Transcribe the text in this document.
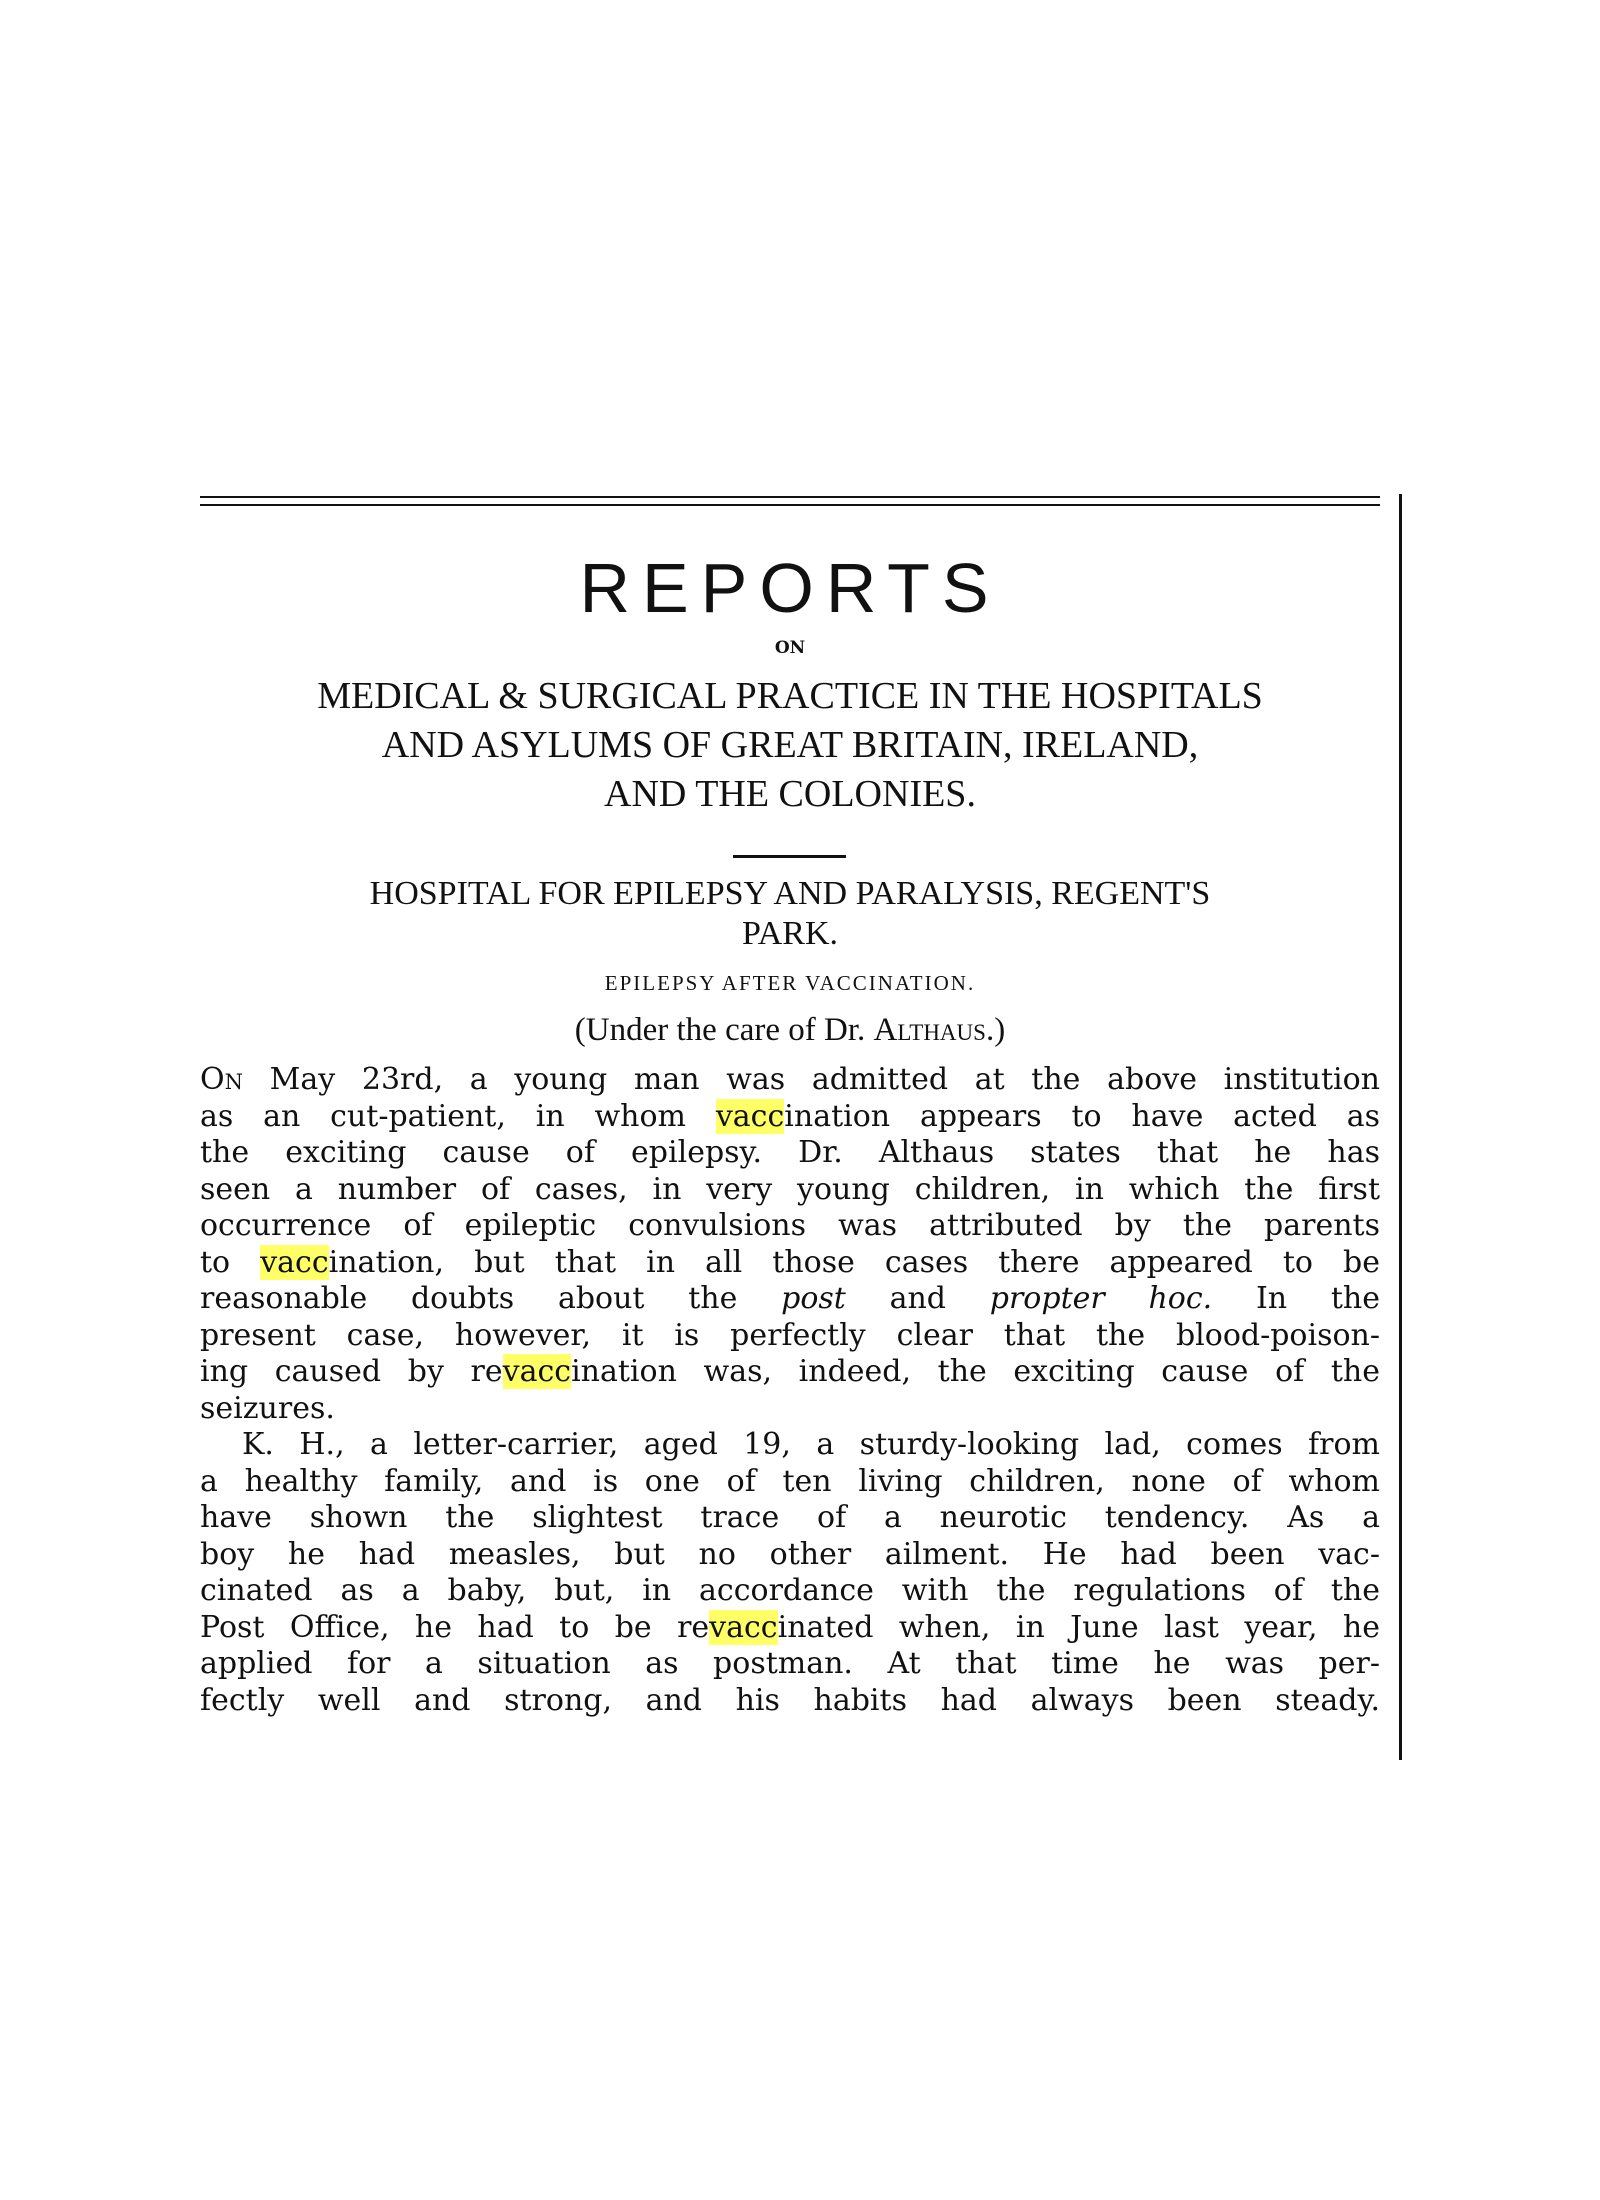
REPORTS
ON
MEDICAL & SURGICAL PRACTICE IN THE HOSPITALS
AND ASYLUMS OF GREAT BRITAIN, IRELAND,
AND THE COLONIES.
HOSPITAL FOR EPILEPSY AND PARALYSIS, REGENT'S
PARK.
EPILEPSY AFTER VACCINATION.
(Under the care of Dr. Althaus.)
On May 23rd, a young man was admitted at the above institution
as an cut-patient, in whom vaccination appears to have acted as
the exciting cause of epilepsy. Dr. Althaus states that he has
seen a number of cases, in very young children, in which the first
occurrence of epileptic convulsions was attributed by the parents
to vaccination, but that in all those cases there appeared to be
reasonable doubts about the post and propter hoc. In the
present case, however, it is perfectly clear that the blood-poison-
ing caused by revaccination was, indeed, the exciting cause of the
seizures.
K. H., a letter-carrier, aged 19, a sturdy-looking lad, comes from
a healthy family, and is one of ten living children, none of whom
have shown the slightest trace of a neurotic tendency. As a
boy he had measles, but no other ailment. He had been vac-
cinated as a baby, but, in accordance with the regulations of the
Post Office, he had to be revaccinated when, in June last year, he
applied for a situation as postman. At that time he was per-
fectly well and strong, and his habits had always been steady.
